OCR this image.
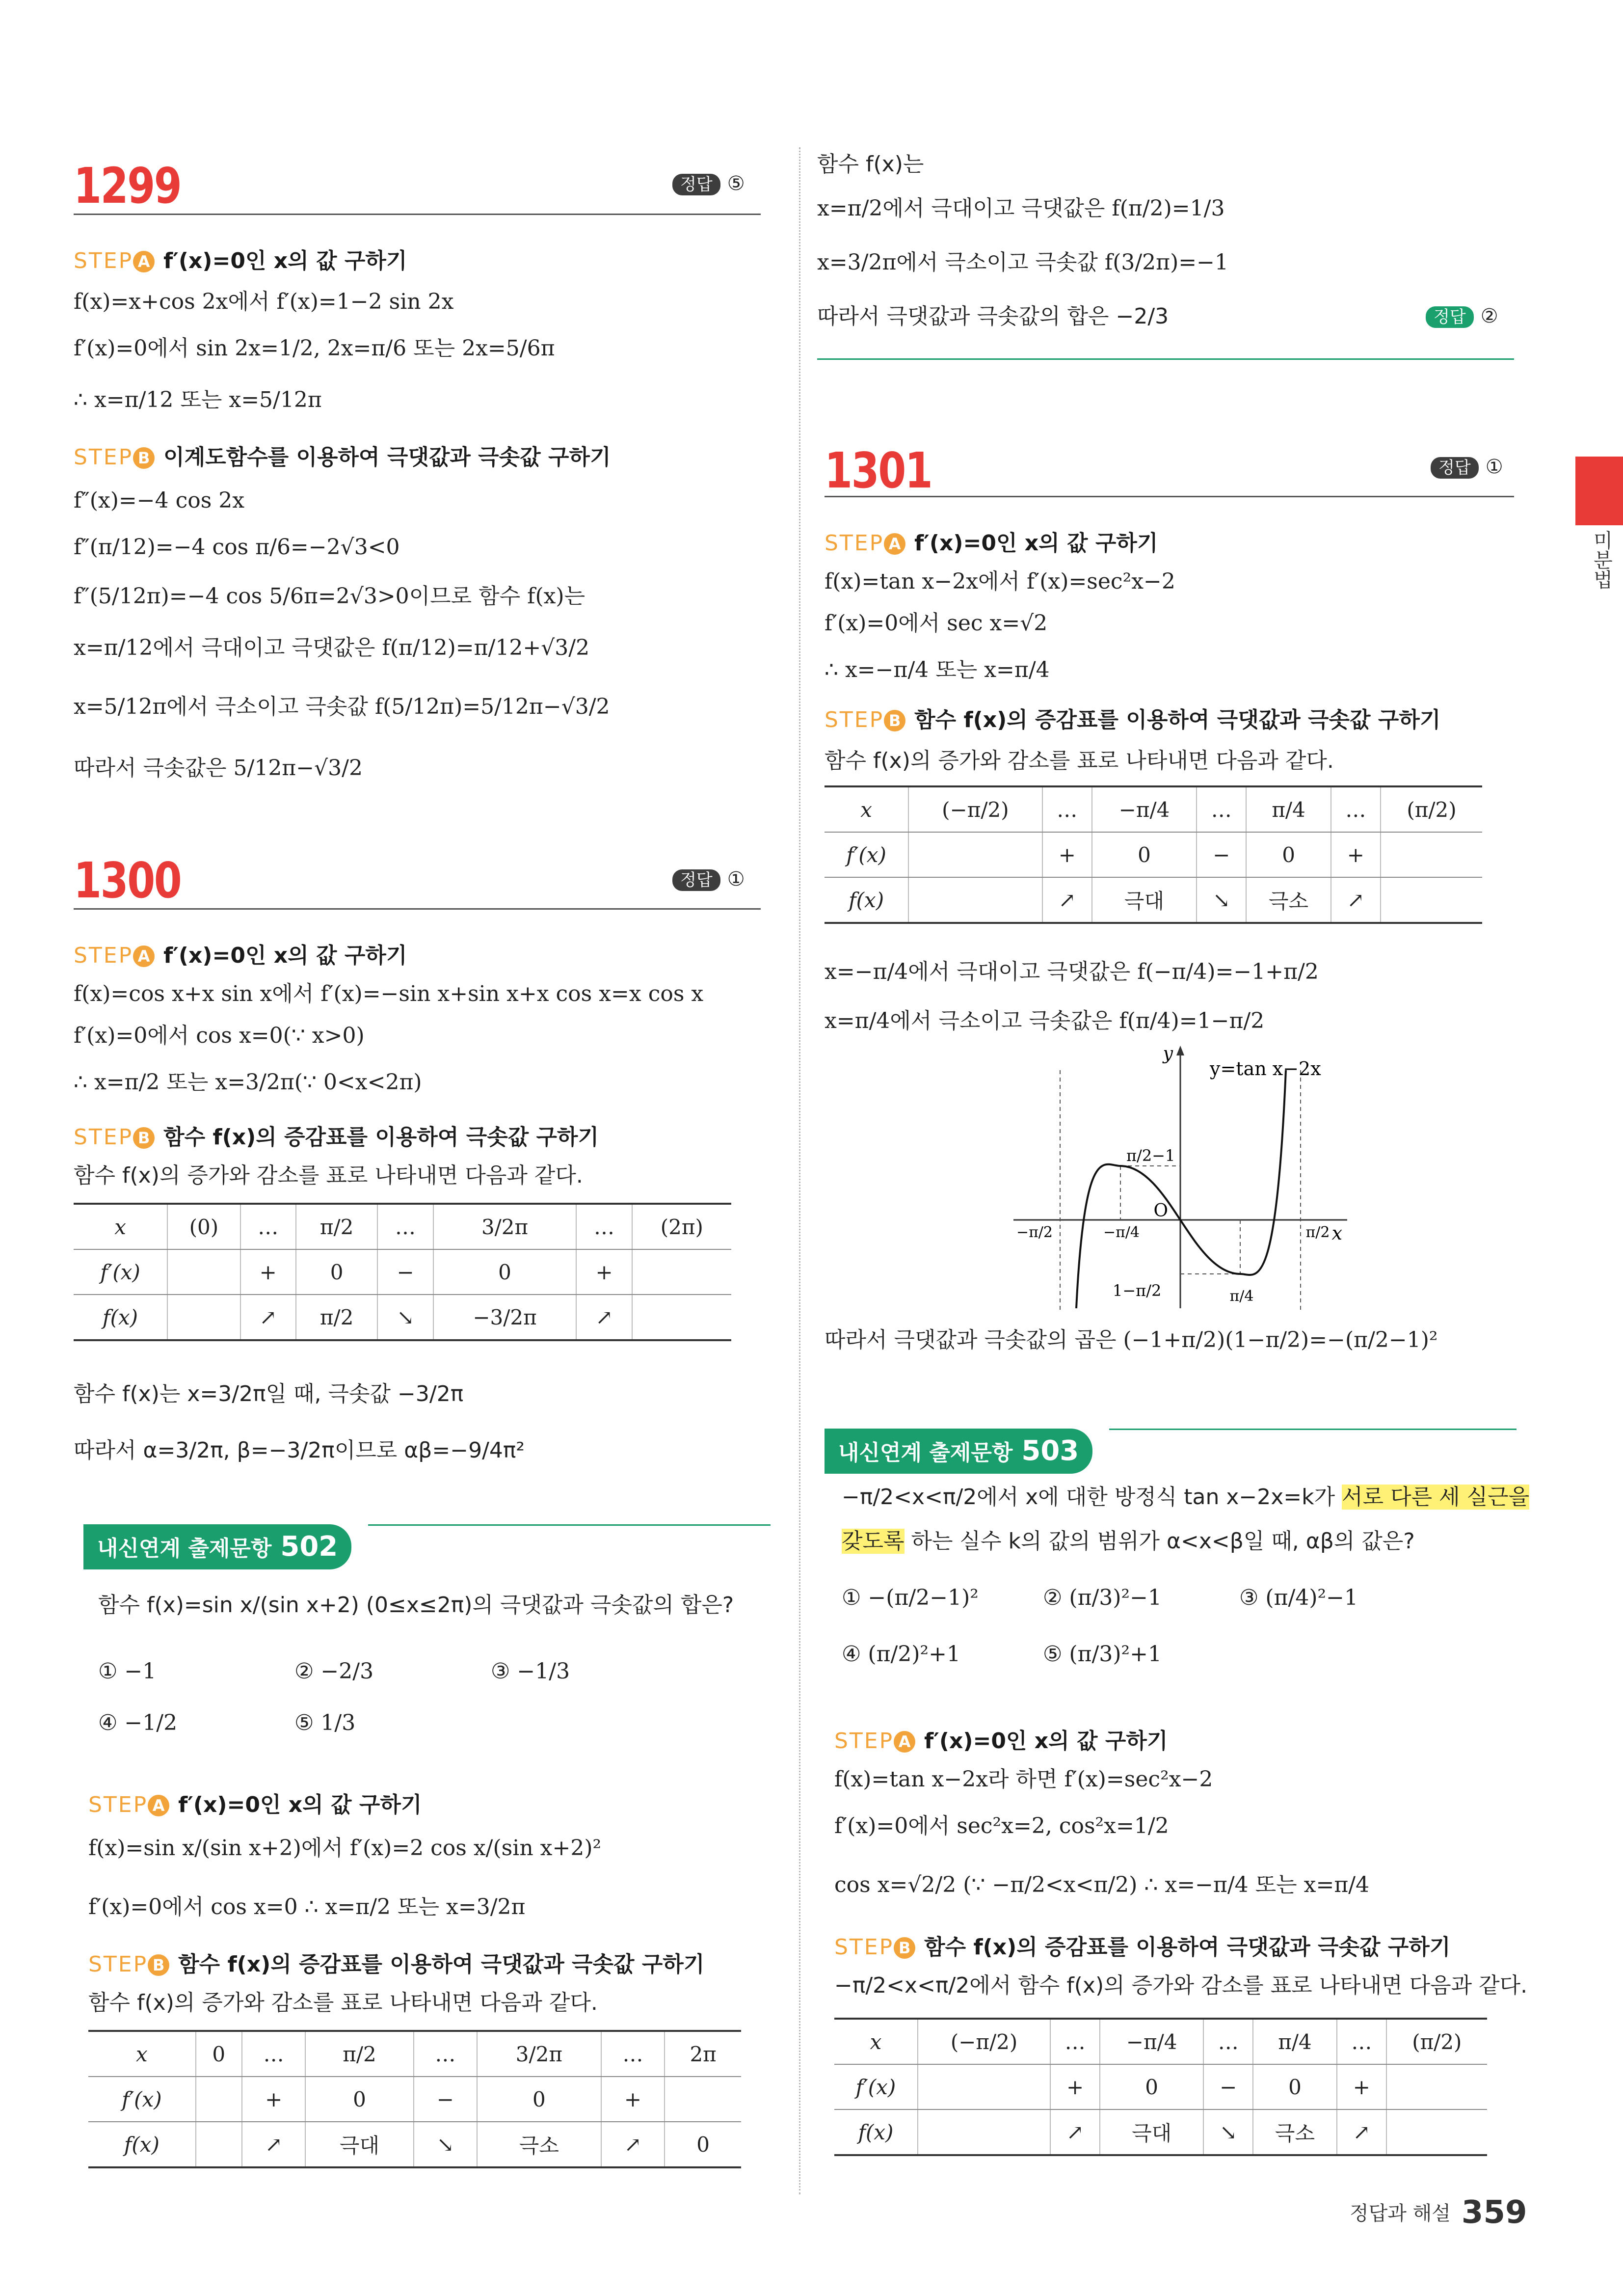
1299	정답 ⑤
STEP A f′(x)=0인 x의 값 구하기
f(x)=x+cos 2x에서 f′(x)=1−2 sin 2x
f′(x)=0에서 sin 2x=1/2, 2x=π/6 또는 2x=5/6π
∴ x=π/12 또는 x=5/12π
STEP B 이계도함수를 이용하여 극댓값과 극솟값 구하기
f″(x)=−4 cos 2x
f″(π/12)=−4 cos π/6=−2√3<0
f″(5/12π)=−4 cos 5/6π=2√3>0이므로 함수 f(x)는
x=π/12에서 극대이고 극댓값은 f(π/12)=π/12+√3/2
x=5/12π에서 극소이고 극솟값 f(5/12π)=5/12π−√3/2
따라서 극솟값은 5/12π−√3/2
1300	정답 ①
STEP A f′(x)=0인 x의 값 구하기
f(x)=cos x+x sin x에서 f′(x)=−sin x+sin x+x cos x=x cos x
f′(x)=0에서 cos x=0(∵ x>0)
∴ x=π/2 또는 x=3/2π(∵ 0<x<2π)
STEP B 함수 f(x)의 증감표를 이용하여 극솟값 구하기
함수 f(x)의 증가와 감소를 표로 나타내면 다음과 같다.
x	(0)	…	π/2	…	3/2π	…	(2π)
f′(x)		+	0	−	0	+	
f(x)		↗	π/2	↘	−3/2π	↗	
함수 f(x)는 x=3/2π일 때, 극솟값 −3/2π
따라서 α=3/2π, β=−3/2π이므로 αβ=−9/4π²
내신연계 출제문항 502
함수 f(x)=sin x/(sin x+2) (0≤x≤2π)의 극댓값과 극솟값의 합은?
① −1	② −2/3	③ −1/3
④ −1/2	⑤ 1/3
STEP A f′(x)=0인 x의 값 구하기
f(x)=sin x/(sin x+2)에서 f′(x)=2 cos x/(sin x+2)²
f′(x)=0에서 cos x=0 ∴ x=π/2 또는 x=3/2π
STEP B 함수 f(x)의 증감표를 이용하여 극댓값과 극솟값 구하기
함수 f(x)의 증가와 감소를 표로 나타내면 다음과 같다.
x	0	…	π/2	…	3/2π	…	2π
f′(x)		+	0	−	0	+	
f(x)		↗	극대	↘	극소	↗	0
함수 f(x)는
x=π/2에서 극대이고 극댓값은 f(π/2)=1/3
x=3/2π에서 극소이고 극솟값 f(3/2π)=−1
따라서 극댓값과 극솟값의 합은 −2/3	정답 ②
1301	정답 ①
STEP A f′(x)=0인 x의 값 구하기
f(x)=tan x−2x에서 f′(x)=sec²x−2
f′(x)=0에서 sec x=√2
∴ x=−π/4 또는 x=π/4
STEP B 함수 f(x)의 증감표를 이용하여 극댓값과 극솟값 구하기
함수 f(x)의 증가와 감소를 표로 나타내면 다음과 같다.
x	(−π/2)	…	−π/4	…	π/4	…	(π/2)
f′(x)		+	0	−	0	+	
f(x)		↗	극대	↘	극소	↗	
x=−π/4에서 극대이고 극댓값은 f(−π/4)=−1+π/2
x=π/4에서 극소이고 극솟값은 f(π/4)=1−π/2
y
x
O
y=tan x−2x
π/2−1
1−π/2
−π/2	−π/4
π/4
π/2
따라서 극댓값과 극솟값의 곱은 (−1+π/2)(1−π/2)=−(π/2−1)²
내신연계 출제문항 503
−π/2<x<π/2에서 x에 대한 방정식 tan x−2x=k가 서로 다른 세 실근을
갖도록 하는 실수 k의 값의 범위가 α<x<β일 때, αβ의 값은?
① −(π/2−1)²	② (π/3)²−1	③ (π/4)²−1
④ (π/2)²+1	⑤ (π/3)²+1
STEP A f′(x)=0인 x의 값 구하기
f(x)=tan x−2x라 하면 f′(x)=sec²x−2
f′(x)=0에서 sec²x=2, cos²x=1/2
cos x=√2/2 (∵ −π/2<x<π/2) ∴ x=−π/4 또는 x=π/4
STEP B 함수 f(x)의 증감표를 이용하여 극댓값과 극솟값 구하기
−π/2<x<π/2에서 함수 f(x)의 증가와 감소를 표로 나타내면 다음과 같다.
x	(−π/2)	…	−π/4	…	π/4	…	(π/2)
f′(x)		+	0	−	0	+	
f(x)		↗	극대	↘	극소	↗	
미분법
정답과 해설 359
